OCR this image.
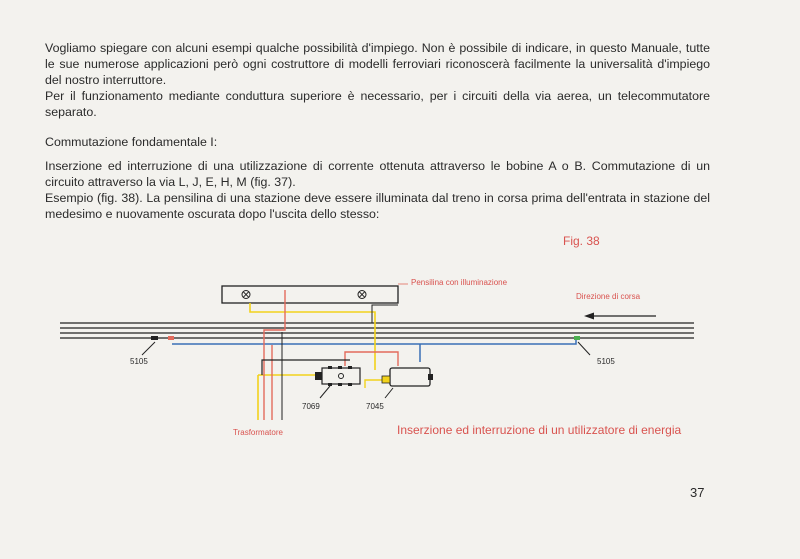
Vogliamo spiegare con alcuni esempi qualche possibilità d'impiego. Non è possibile di indicare, in questo Manuale, tutte le sue numerose applicazioni però ogni costruttore di modelli ferroviari riconoscerà facilmente la universalità d'impiego del nostro interruttore.

Per il funzionamento mediante conduttura superiore è necessario, per i circuiti della via aerea, un telecommutatore separato.

Commutazione fondamentale I:

Inserzione ed interruzione di una utilizzazione di corrente ottenuta attraverso le bobine A o B. Commutazione di un circuito attraverso la via L, J, E, H, M (fig. 37).

Esempio (fig. 38). La pensilina di una stazione deve essere illuminata dal treno in corsa prima dell'entrata in stazione del medesimo e nuovamente oscurata dopo l'uscita dello stesso:

Fig. 38
Pensilina con illuminazione
Direzione di corsa
5105	5105
7069	7045
Trasformatore	Inserzione ed interruzione di un utilizzatore di energia
37
